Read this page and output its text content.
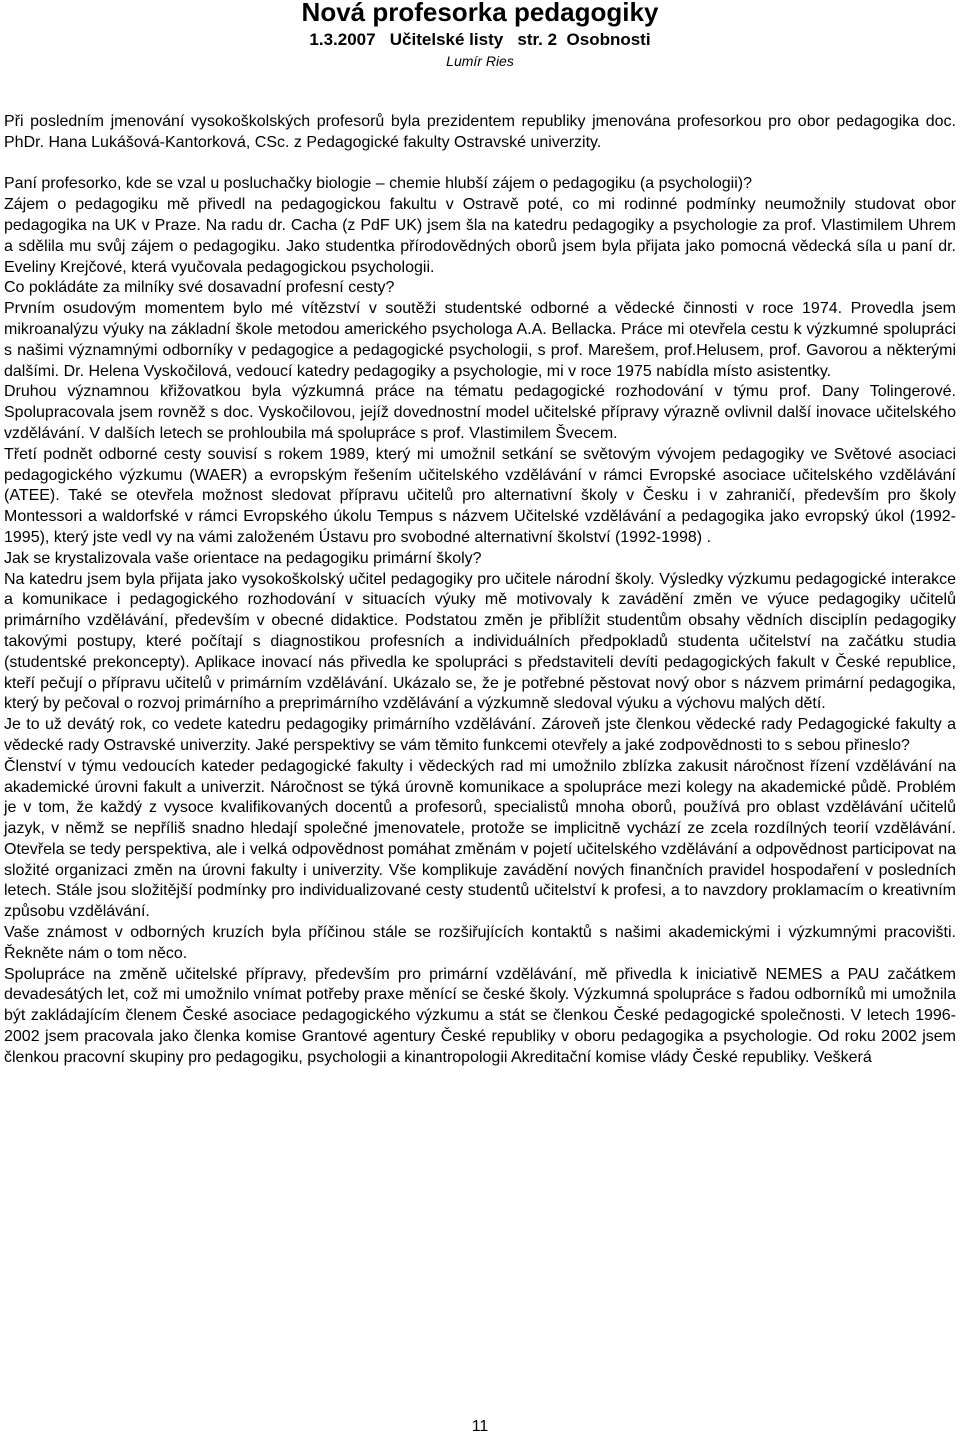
Nová profesorka pedagogiky
1.3.2007 Učitelské listy str. 2 Osobnosti
Lumír Ries

Při posledním jmenování vysokoškolských profesorů byla prezidentem republiky jmenována profesorkou pro obor pedagogika doc. PhDr. Hana Lukášová-Kantorková, CSc. z Pedagogické fakulty Ostravské univerzity.

Paní profesorko, kde se vzal u posluchačky biologie – chemie hlubší zájem o pedagogiku (a psychologii)?

Zájem o pedagogiku mě přivedl na pedagogickou fakultu v Ostravě poté, co mi rodinné podmínky neumožnily studovat obor pedagogika na UK v Praze. Na radu dr. Cacha (z PdF UK) jsem šla na katedru pedagogiky a psychologie za prof. Vlastimilem Uhrem a sdělila mu svůj zájem o pedagogiku. Jako studentka přírodovědných oborů jsem byla přijata jako pomocná vědecká síla u paní dr. Eveliny Krejčové, která vyučovala pedagogickou psychologii.

Co pokládáte za milníky své dosavadní profesní cesty?

Prvním osudovým momentem bylo mé vítězství v soutěži studentské odborné a vědecké činnosti v roce 1974. Provedla jsem mikroanalýzu výuky na základní škole metodou amerického psychologa A.A. Bellacka. Práce mi otevřela cestu k výzkumné spolupráci s našimi významnými odborníky v pedagogice a pedagogické psychologii, s prof. Marešem, prof.Helusem, prof. Gavorou a některými dalšími. Dr. Helena Vyskočilová, vedoucí katedry pedagogiky a psychologie, mi v roce 1975 nabídla místo asistentky.

Druhou významnou křižovatkou byla výzkumná práce na tématu pedagogické rozhodování v týmu prof. Dany Tolingerové. Spolupracovala jsem rovněž s doc. Vyskočilovou, jejíž dovednostní model učitelské přípravy výrazně ovlivnil další inovace učitelského vzdělávání. V dalších letech se prohloubila má spolupráce s prof. Vlastimilem Švecem.

Třetí podnět odborné cesty souvisí s rokem 1989, který mi umožnil setkání se světovým vývojem pedagogiky ve Světové asociaci pedagogického výzkumu (WAER) a evropským řešením učitelského vzdělávání v rámci Evropské asociace učitelského vzdělávání (ATEE). Také se otevřela možnost sledovat přípravu učitelů pro alternativní školy v Česku i v zahraničí, především pro školy Montessori a waldorfské v rámci Evropského úkolu Tempus s názvem Učitelské vzdělávání a pedagogika jako evropský úkol (1992-1995), který jste vedl vy na vámi založeném Ústavu pro svobodné alternativní školství (1992-1998) .

Jak se krystalizovala vaše orientace na pedagogiku primární školy?

Na katedru jsem byla přijata jako vysokoškolský učitel pedagogiky pro učitele národní školy. Výsledky výzkumu pedagogické interakce a komunikace i pedagogického rozhodování v situacích výuky mě motivovaly k zavádění změn ve výuce pedagogiky učitelů primárního vzdělávání, především v obecné didaktice. Podstatou změn je přiblížit studentům obsahy vědních disciplín pedagogiky takovými postupy, které počítají s diagnostikou profesních a individuálních předpokladů studenta učitelství na začátku studia (studentské prekoncepty). Aplikace inovací nás přivedla ke spolupráci s představiteli devíti pedagogických fakult v České republice, kteří pečují o přípravu učitelů v primárním vzdělávání. Ukázalo se, že je potřebné pěstovat nový obor s názvem primární pedagogika, který by pečoval o rozvoj primárního a preprimárního vzdělávání a výzkumně sledoval výuku a výchovu malých dětí.

Je to už devátý rok, co vedete katedru pedagogiky primárního vzdělávání. Zároveň jste členkou vědecké rady Pedagogické fakulty a vědecké rady Ostravské univerzity. Jaké perspektivy se vám těmito funkcemi otevřely a jaké zodpovědnosti to s sebou přineslo?

Členství v týmu vedoucích kateder pedagogické fakulty i vědeckých rad mi umožnilo zblízka zakusit náročnost řízení vzdělávání na akademické úrovni fakult a univerzit. Náročnost se týká úrovně komunikace a spolupráce mezi kolegy na akademické půdě. Problém je v tom, že každý z vysoce kvalifikovaných docentů a profesorů, specialistů mnoha oborů, používá pro oblast vzdělávání učitelů jazyk, v němž se nepříliš snadno hledají společné jmenovatele, protože se implicitně vychází ze zcela rozdílných teorií vzdělávání. Otevřela se tedy perspektiva, ale i velká odpovědnost pomáhat změnám v pojetí učitelského vzdělávání a odpovědnost participovat na složité organizaci změn na úrovni fakulty i univerzity. Vše komplikuje zavádění nových finančních pravidel hospodaření v posledních letech. Stále jsou složitější podmínky pro individualizované cesty studentů učitelství k profesi, a to navzdory proklamacím o kreativním způsobu vzdělávání.

Vaše známost v odborných kruzích byla příčinou stále se rozšiřujících kontaktů s našimi akademickými i výzkumnými pracovišti. Řekněte nám o tom něco.

Spolupráce na změně učitelské přípravy, především pro primární vzdělávání, mě přivedla k iniciativě NEMES a PAU začátkem devadesátých let, což mi umožnilo vnímat potřeby praxe měnící se české školy. Výzkumná spolupráce s řadou odborníků mi umožnila být zakládajícím členem České asociace pedagogického výzkumu a stát se členkou České pedagogické společnosti. V letech 1996-2002 jsem pracovala jako členka komise Grantové agentury České republiky v oboru pedagogika a psychologie. Od roku 2002 jsem členkou pracovní skupiny pro pedagogiku, psychologii a kinantropologii Akreditační komise vlády České republiky. Veškerá

11
